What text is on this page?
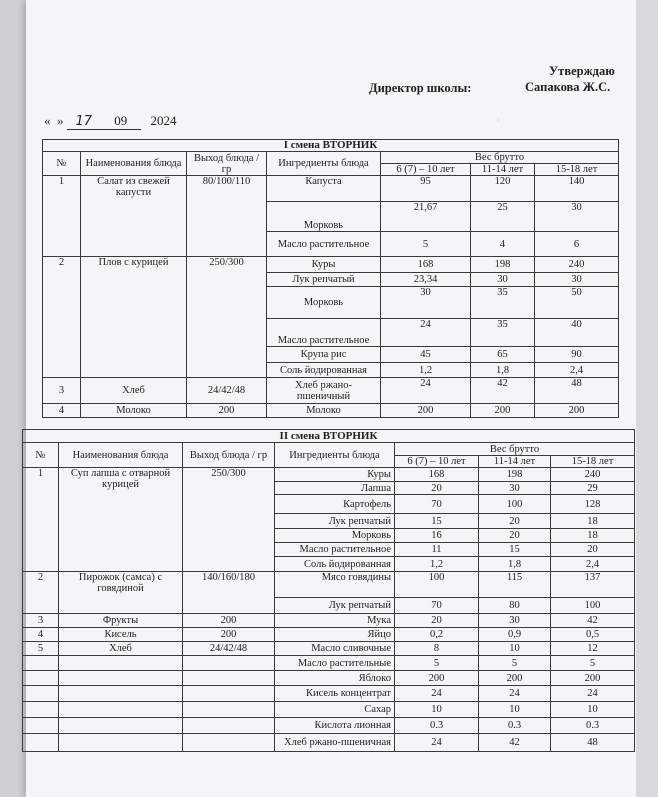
Утверждаю
Директор школы:	Сапакова Ж.С.
·
« » 17 09 2024
I смена ВТОРНИК						
№	Наименования блюда	Выход блюда / гр	Ингредиенты блюда	Вес брутто		
				6 (7) – 10 лет	11-14 лет	15-18 лет
1	Салат из свежей капусти	80/100/110	Капуста	95	120	140
			Морковь	21,67	25	30
			Масло растительное	5	4	6
2	Плов с курицей	250/300	Куры	168	198	240
			Лук репчатый	23,34	30	30
			Морковь	30	35	50
			Масло растительное	24	35	40
			Крупа рис	45	65	90
			Соль йодированная	1,2	1,8	2,4
3	Хлеб	24/42/48	Хлеб ржано-пшеничный	24	42	48
4	Молоко	200	Молоко	200	200	200
II смена ВТОРНИК						
№	Наименования блюда	Выход блюда / гр	Ингредиенты блюда	Вес брутто		
				6 (7) – 10 лет	11-14 лет	15-18 лет
1	Суп лапша с отварной курицей	250/300	Куры	168	198	240
			Лапша	20	30	29
			Картофель	70	100	128
			Лук репчатый	15	20	18
			Морковь	16	20	18
			Масло растительное	11	15	20
			Соль йодированная	1,2	1,8	2,4
2	Пирожок (самса) с говядиной	140/160/180	Мясо говядины	100	115	137
			Лук репчатый	70	80	100
3	Фрукты	200	Мука	20	30	42
4	Кисель	200	Яйцо	0,2	0,9	0,5
5	Хлеб	24/42/48	Масло сливочные	8	10	12
			Масло растительные	5	5	5
			Яблоко	200	200	200
			Кисель концентрат	24	24	24
			Сахар	10	10	10
			Кислота лионная	0.3	0.3	0.3
			Хлеб ржано-пшеничная	24	42	48
